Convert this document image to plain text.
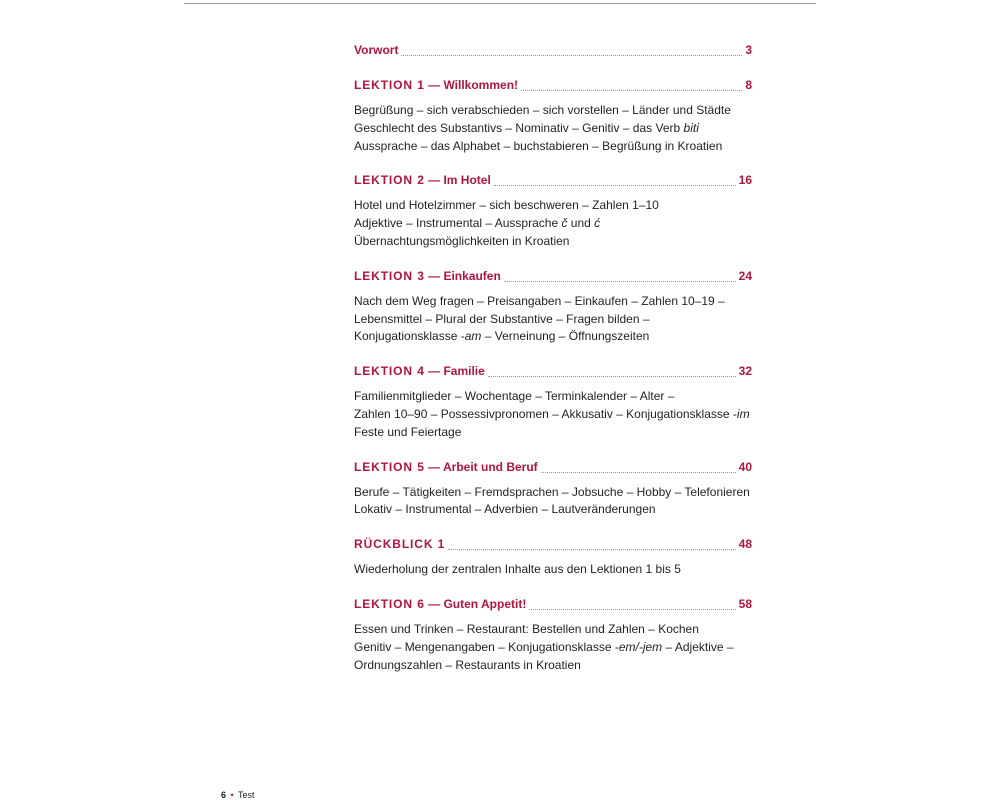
Vorwort	3
LEKTION 1 — Willkommen!	8
Begrüßung – sich verabschieden – sich vorstellen – Länder und Städte
Geschlecht des Substantivs – Nominativ – Genitiv – das Verb biti
Aussprache – das Alphabet – buchstabieren – Begrüßung in Kroatien
LEKTION 2 — Im Hotel	16
Hotel und Hotelzimmer – sich beschweren – Zahlen 1–10
Adjektive – Instrumental – Aussprache č und ć
Übernachtungsmöglichkeiten in Kroatien
LEKTION 3 — Einkaufen	24
Nach dem Weg fragen – Preisangaben – Einkaufen – Zahlen 10–19 –
Lebensmittel – Plural der Substantive – Fragen bilden –
Konjugationsklasse -am – Verneinung – Öffnungszeiten
LEKTION 4 — Familie	32
Familienmitglieder – Wochentage – Terminkalender – Alter –
Zahlen 10–90 – Possessivpronomen – Akkusativ – Konjugationsklasse -im
Feste und Feiertage
LEKTION 5 — Arbeit und Beruf	40
Berufe – Tätigkeiten – Fremdsprachen – Jobsuche – Hobby – Telefonieren
Lokativ – Instrumental – Adverbien – Lautveränderungen
RÜCKBLICK 1	48
Wiederholung der zentralen Inhalte aus den Lektionen 1 bis 5
LEKTION 6 — Guten Appetit!	58
Essen und Trinken – Restaurant: Bestellen und Zahlen – Kochen
Genitiv – Mengenangaben – Konjugationsklasse -em/-jem – Adjektive –
Ordnungszahlen – Restaurants in Kroatien
6 • Test
